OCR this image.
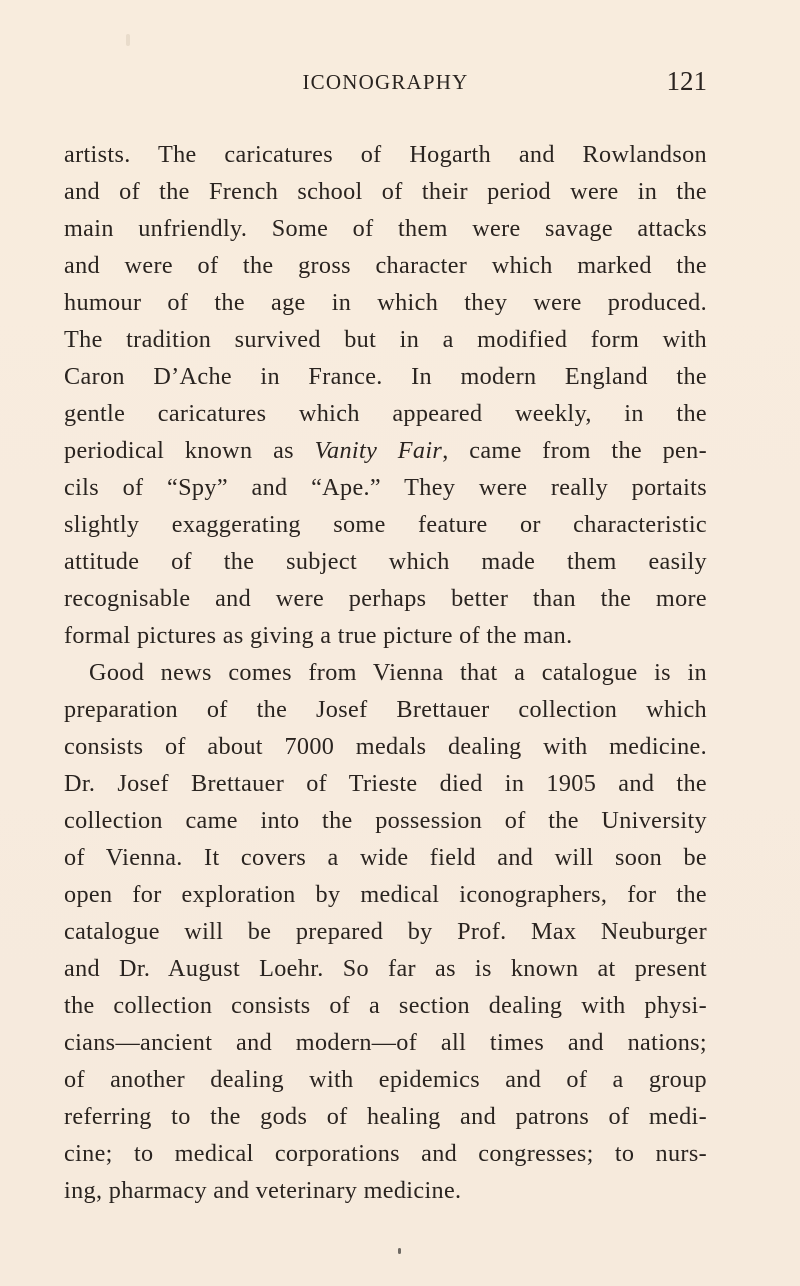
ICONOGRAPHY	121
artists. The caricatures of Hogarth and Rowlandson
and of the French school of their period were in the
main unfriendly. Some of them were savage attacks
and were of the gross character which marked the
humour of the age in which they were produced.
The tradition survived but in a modified form with
Caron D’Ache in France. In modern England the
gentle caricatures which appeared weekly, in the
periodical known as Vanity Fair, came from the pen-
cils of “Spy” and “Ape.” They were really portaits
slightly exaggerating some feature or characteristic
attitude of the subject which made them easily
recognisable and were perhaps better than the more
formal pictures as giving a true picture of the man.
Good news comes from Vienna that a catalogue is in
preparation of the Josef Brettauer collection which
consists of about 7000 medals dealing with medicine.
Dr. Josef Brettauer of Trieste died in 1905 and the
collection came into the possession of the University
of Vienna. It covers a wide field and will soon be
open for exploration by medical iconographers, for the
catalogue will be prepared by Prof. Max Neuburger
and Dr. August Loehr. So far as is known at present
the collection consists of a section dealing with physi-
cians—ancient and modern—of all times and nations;
of another dealing with epidemics and of a group
referring to the gods of healing and patrons of medi-
cine; to medical corporations and congresses; to nurs-
ing, pharmacy and veterinary medicine.
